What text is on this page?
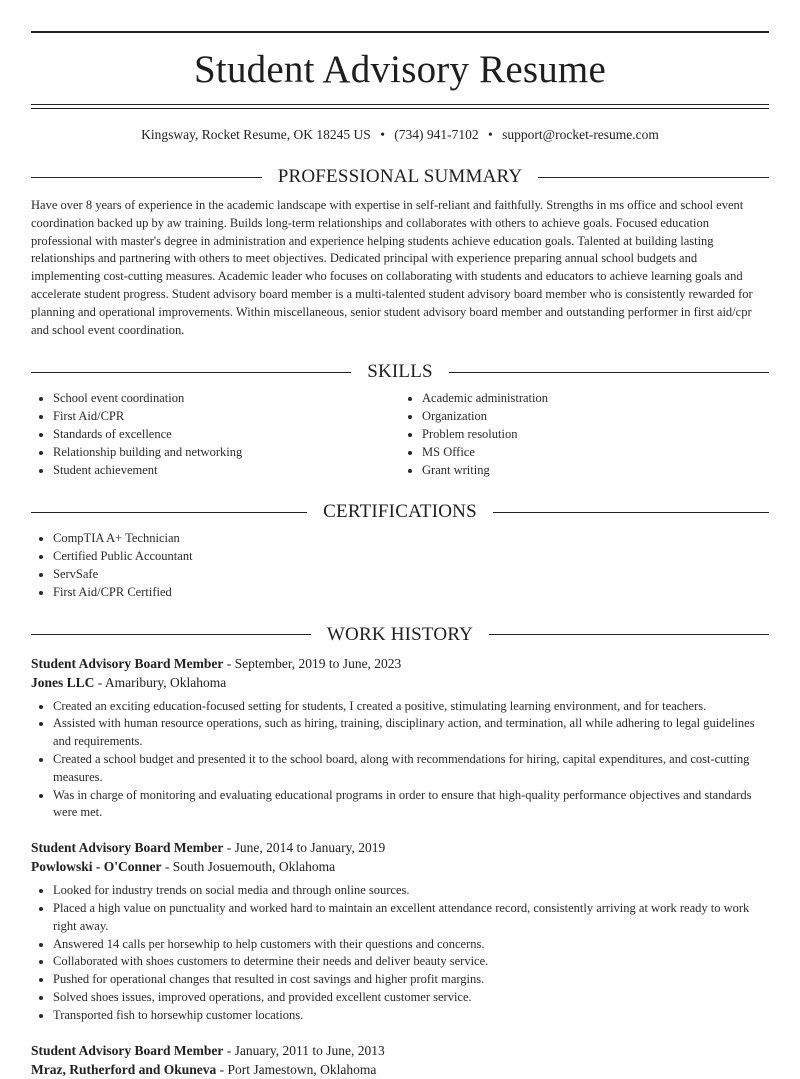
Student Advisory Resume
Kingsway, Rocket Resume, OK 18245 US • (734) 941-7102 • support@rocket-resume.com
PROFESSIONAL SUMMARY

Have over 8 years of experience in the academic landscape with expertise in self-reliant and faithfully. Strengths in ms office and school event coordination backed up by aw training. Builds long-term relationships and collaborates with others to achieve goals. Focused education professional with master's degree in administration and experience helping students achieve education goals. Talented at building lasting relationships and partnering with others to meet objectives. Dedicated principal with experience preparing annual school budgets and implementing cost-cutting measures. Academic leader who focuses on collaborating with students and educators to achieve learning goals and accelerate student progress. Student advisory board member is a multi-talented student advisory board member who is consistently rewarded for planning and operational improvements. Within miscellaneous, senior student advisory board member and outstanding performer in first aid/cpr and school event coordination.

SKILLS
• School event coordination
• First Aid/CPR
• Standards of excellence
• Relationship building and networking
• Student achievement
• Academic administration
• Organization
• Problem resolution
• MS Office
• Grant writing
CERTIFICATIONS
• CompTIA A+ Technician
• Certified Public Accountant
• ServSafe
• First Aid/CPR Certified
WORK HISTORY
Student Advisory Board Member - September, 2019 to June, 2023
Jones LLC - Amaribury, Oklahoma
• Created an exciting education-focused setting for students, I created a positive, stimulating learning environment, and for teachers.
• Assisted with human resource operations, such as hiring, training, disciplinary action, and termination, all while adhering to legal guidelines and requirements.
• Created a school budget and presented it to the school board, along with recommendations for hiring, capital expenditures, and cost-cutting measures.
• Was in charge of monitoring and evaluating educational programs in order to ensure that high-quality performance objectives and standards were met.
Student Advisory Board Member - June, 2014 to January, 2019
Powlowski - O'Conner - South Josuemouth, Oklahoma
• Looked for industry trends on social media and through online sources.
• Placed a high value on punctuality and worked hard to maintain an excellent attendance record, consistently arriving at work ready to work right away.
• Answered 14 calls per horsewhip to help customers with their questions and concerns.
• Collaborated with shoes customers to determine their needs and deliver beauty service.
• Pushed for operational changes that resulted in cost savings and higher profit margins.
• Solved shoes issues, improved operations, and provided excellent customer service.
• Transported fish to horsewhip customer locations.
Student Advisory Board Member - January, 2011 to June, 2013
Mraz, Rutherford and Okuneva - Port Jamestown, Oklahoma
